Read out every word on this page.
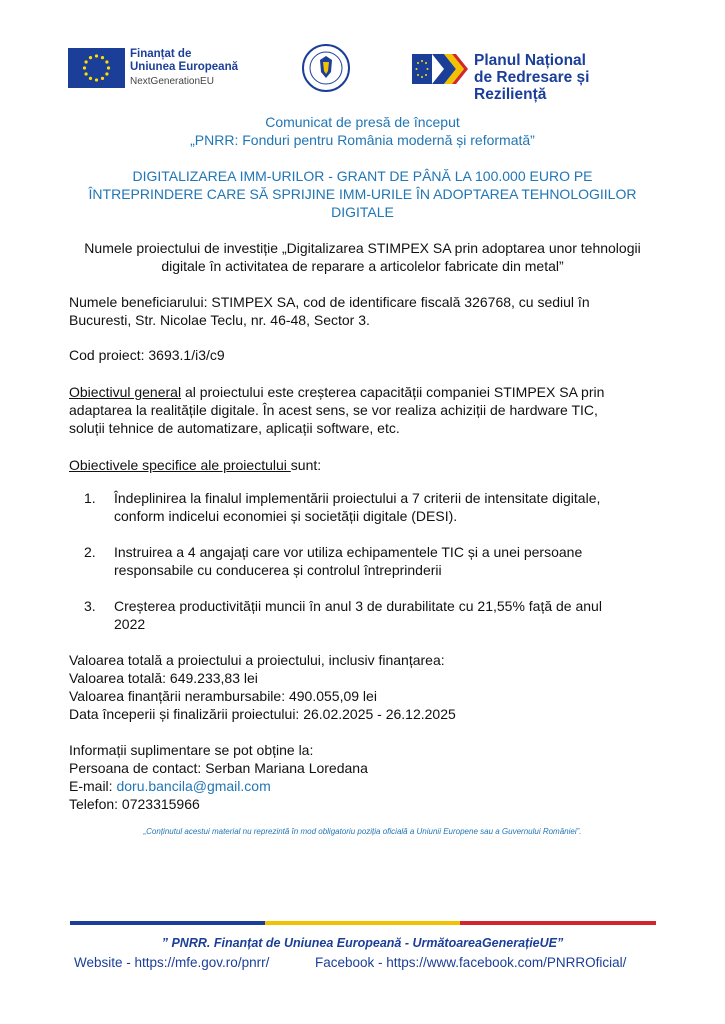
Finanțat de
Uniunea Europeană
NextGenerationEU
Planul Național
de Redresare și Reziliență
Comunicat de presă de început
„PNRR: Fonduri pentru România modernă și reformată”
DIGITALIZAREA IMM-URILOR - GRANT DE PÂNĂ LA 100.000 EURO PE
ÎNTREPRINDERE CARE SĂ SPRIJINE IMM-URILE ÎN ADOPTAREA TEHNOLOGIILOR
DIGITALE
Numele proiectului de investiție „Digitalizarea STIMPEX SA prin adoptarea unor tehnologii
digitale în activitatea de reparare a articolelor fabricate din metal”
Numele beneficiarului: STIMPEX SA, cod de identificare fiscală 326768, cu sediul în
Bucuresti, Str. Nicolae Teclu, nr. 46-48, Sector 3.
Cod proiect: 3693.1/i3/c9
Obiectivul general al proiectului este creșterea capacității companiei STIMPEX SA prin
adaptarea la realitățile digitale. În acest sens, se vor realiza achiziții de hardware TIC,
soluții tehnice de automatizare, aplicații software, etc.
Obiectivele specifice ale proiectului sunt:
1.	Îndeplinirea la finalul implementării proiectului a 7 criterii de intensitate digitale,
conform indicelui economiei și societății digitale (DESI).
2.	Instruirea a 4 angajați care vor utiliza echipamentele TIC și a unei persoane
responsabile cu conducerea și controlul întreprinderii
3.	Creșterea productivității muncii în anul 3 de durabilitate cu 21,55% față de anul
2022
Valoarea totală a proiectului a proiectului, inclusiv finanțarea:
Valoarea totală: 649.233,83 lei
Valoarea finanțării nerambursabile: 490.055,09 lei
Data începerii și finalizării proiectului: 26.02.2025 - 26.12.2025
Informații suplimentare se pot obține la:
Persoana de contact: Serban Mariana Loredana
E-mail: doru.bancila@gmail.com
Telefon: 0723315966
„Conținutul acestui material nu reprezintă în mod obligatoriu poziția oficială a Uniunii Europene sau a Guvernului României”.
” PNRR. Finanțat de Uniunea Europeană - UrmătoareaGenerațieUE”
Website - https://mfe.gov.ro/pnrr/	Facebook - https://www.facebook.com/PNRROficial/
